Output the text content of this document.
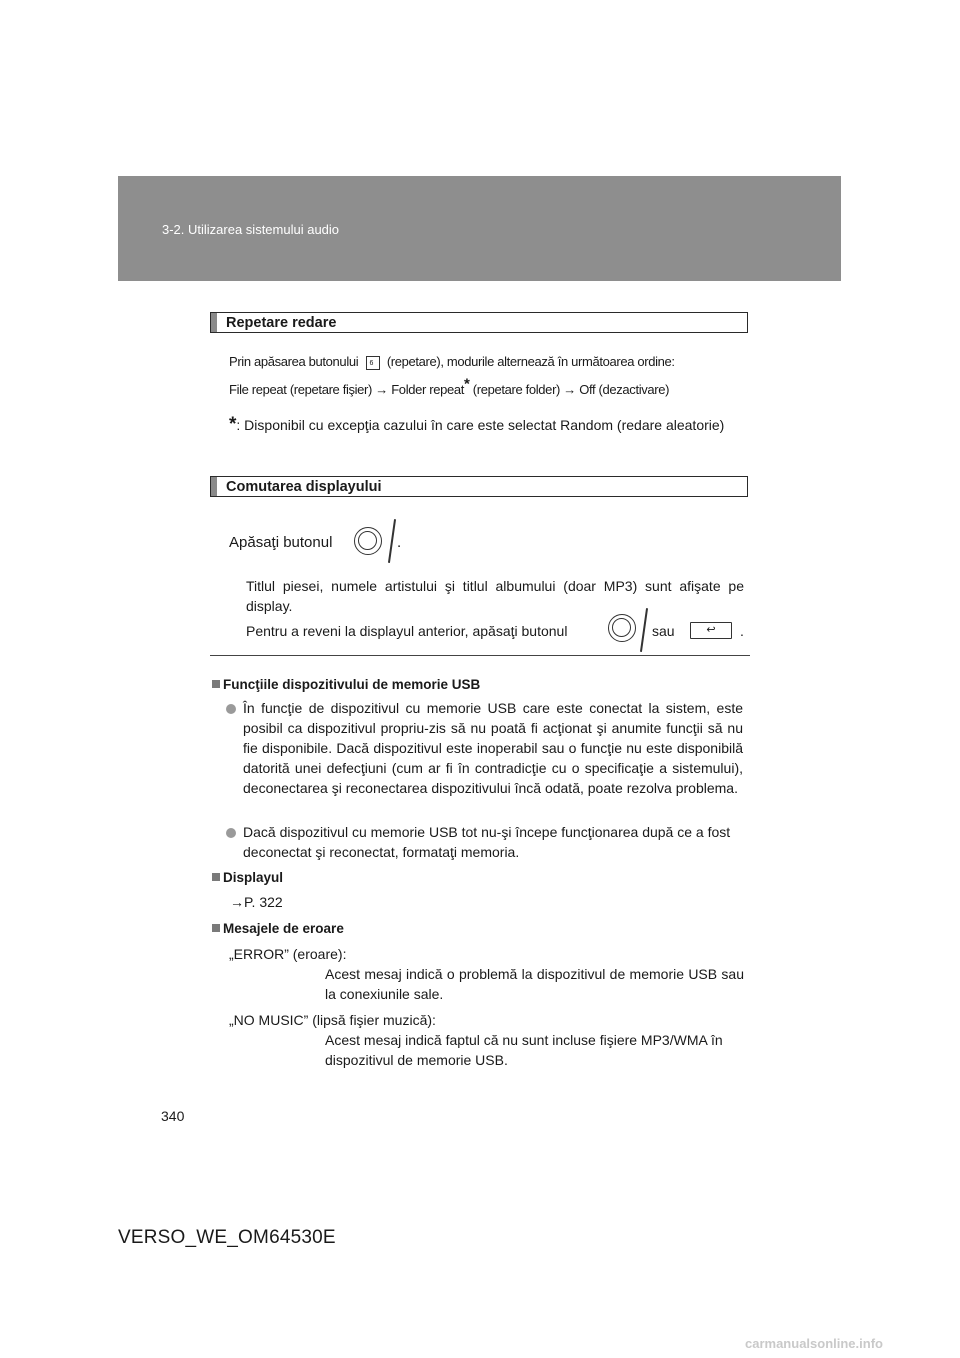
3-2. Utilizarea sistemului audio
Repetare redare
Prin apăsarea butonului 6 (repetare), modurile alternează în următoarea ordine:
File repeat (repetare fişier) → Folder repeat* (repetare folder) → Off (dezactivare)
*: Disponibil cu excepţia cazului în care este selectat Random (redare aleatorie)
Comutarea displayului
Apăsaţi butonul	.
Titlul piesei, numele artistului şi titlul albumului (doar MP3) sunt afişate pe display.
Pentru a reveni la displayul anterior, apăsaţi butonul	sau	↩	.
Funcţiile dispozitivului de memorie USB
În funcţie de dispozitivul cu memorie USB care este conectat la sistem, este posibil ca dispozitivul propriu-zis să nu poată fi acţionat şi anumite funcţii să nu fie disponibile. Dacă dispozitivul este inoperabil sau o funcţie nu este disponibilă datorită unei defecţiuni (cum ar fi în contradicţie cu o specificaţie a sistemului), deconectarea şi reconectarea dispozitivului încă odată, poate rezolva problema.
Dacă dispozitivul cu memorie USB tot nu-şi începe funcţionarea după ce a fost deconectat şi reconectat, formataţi memoria.
Displayul
→P. 322
Mesajele de eroare
„ERROR” (eroare):
Acest mesaj indică o problemă la dispozitivul de memorie USB sau la conexiunile sale.
„NO MUSIC” (lipsă fişier muzică):
Acest mesaj indică faptul că nu sunt incluse fişiere MP3/WMA în dispozitivul de memorie USB.
340
VERSO_WE_OM64530E
carmanualsonline.info
